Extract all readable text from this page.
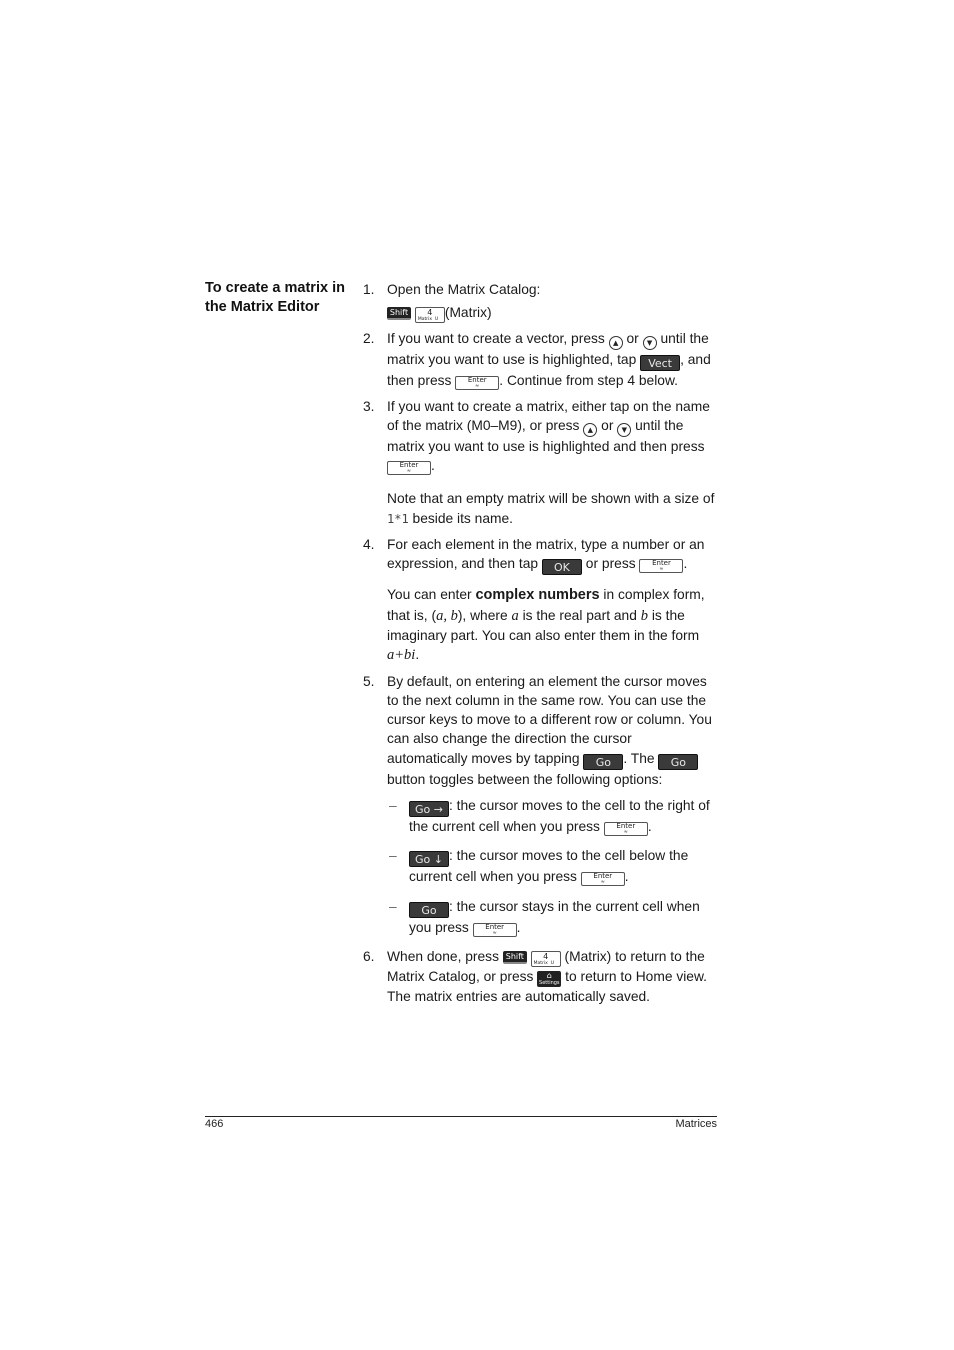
To create a matrix in the Matrix Editor
1. Open the Matrix Catalog:
Shift 4
Matrix U (Matrix)
2. If you want to create a vector, press ▲ or ▼ until the matrix you want to use is highlighted, tap Vect , and then press Enter
≈	. Continue from step 4 below.
3. If you want to create a matrix, either tap on the name of the matrix (M0–M9), or press ▲ or ▼ until the matrix you want to use is highlighted and then press Enter
≈	.
Note that an empty matrix will be shown with a size of 1*1 beside its name.
4. For each element in the matrix, type a number or an expression, and then tap OK or press Enter
≈	.
You can enter complex numbers in complex form, that is, (a, b), where a is the real part and b is the imaginary part. You can also enter them in the form a+bi.
5. By default, on entering an element the cursor moves to the next column in the same row. You can use the cursor keys to move to a different row or column. You can also change the direction the cursor automatically moves by tapping Go . The Go button toggles between the following options:
– Go → : the cursor moves to the cell to the right of the current cell when you press Enter
≈	.
– Go ↓ : the cursor moves to the cell below the current cell when you press Enter
≈	.
– Go : the cursor stays in the current cell when you press Enter
≈	.
6. When done, press Shift 4
Matrix U (Matrix) to return to the Matrix Catalog, or press	⌂
Settings to return to Home view. The matrix entries are automatically saved.
466	Matrices
